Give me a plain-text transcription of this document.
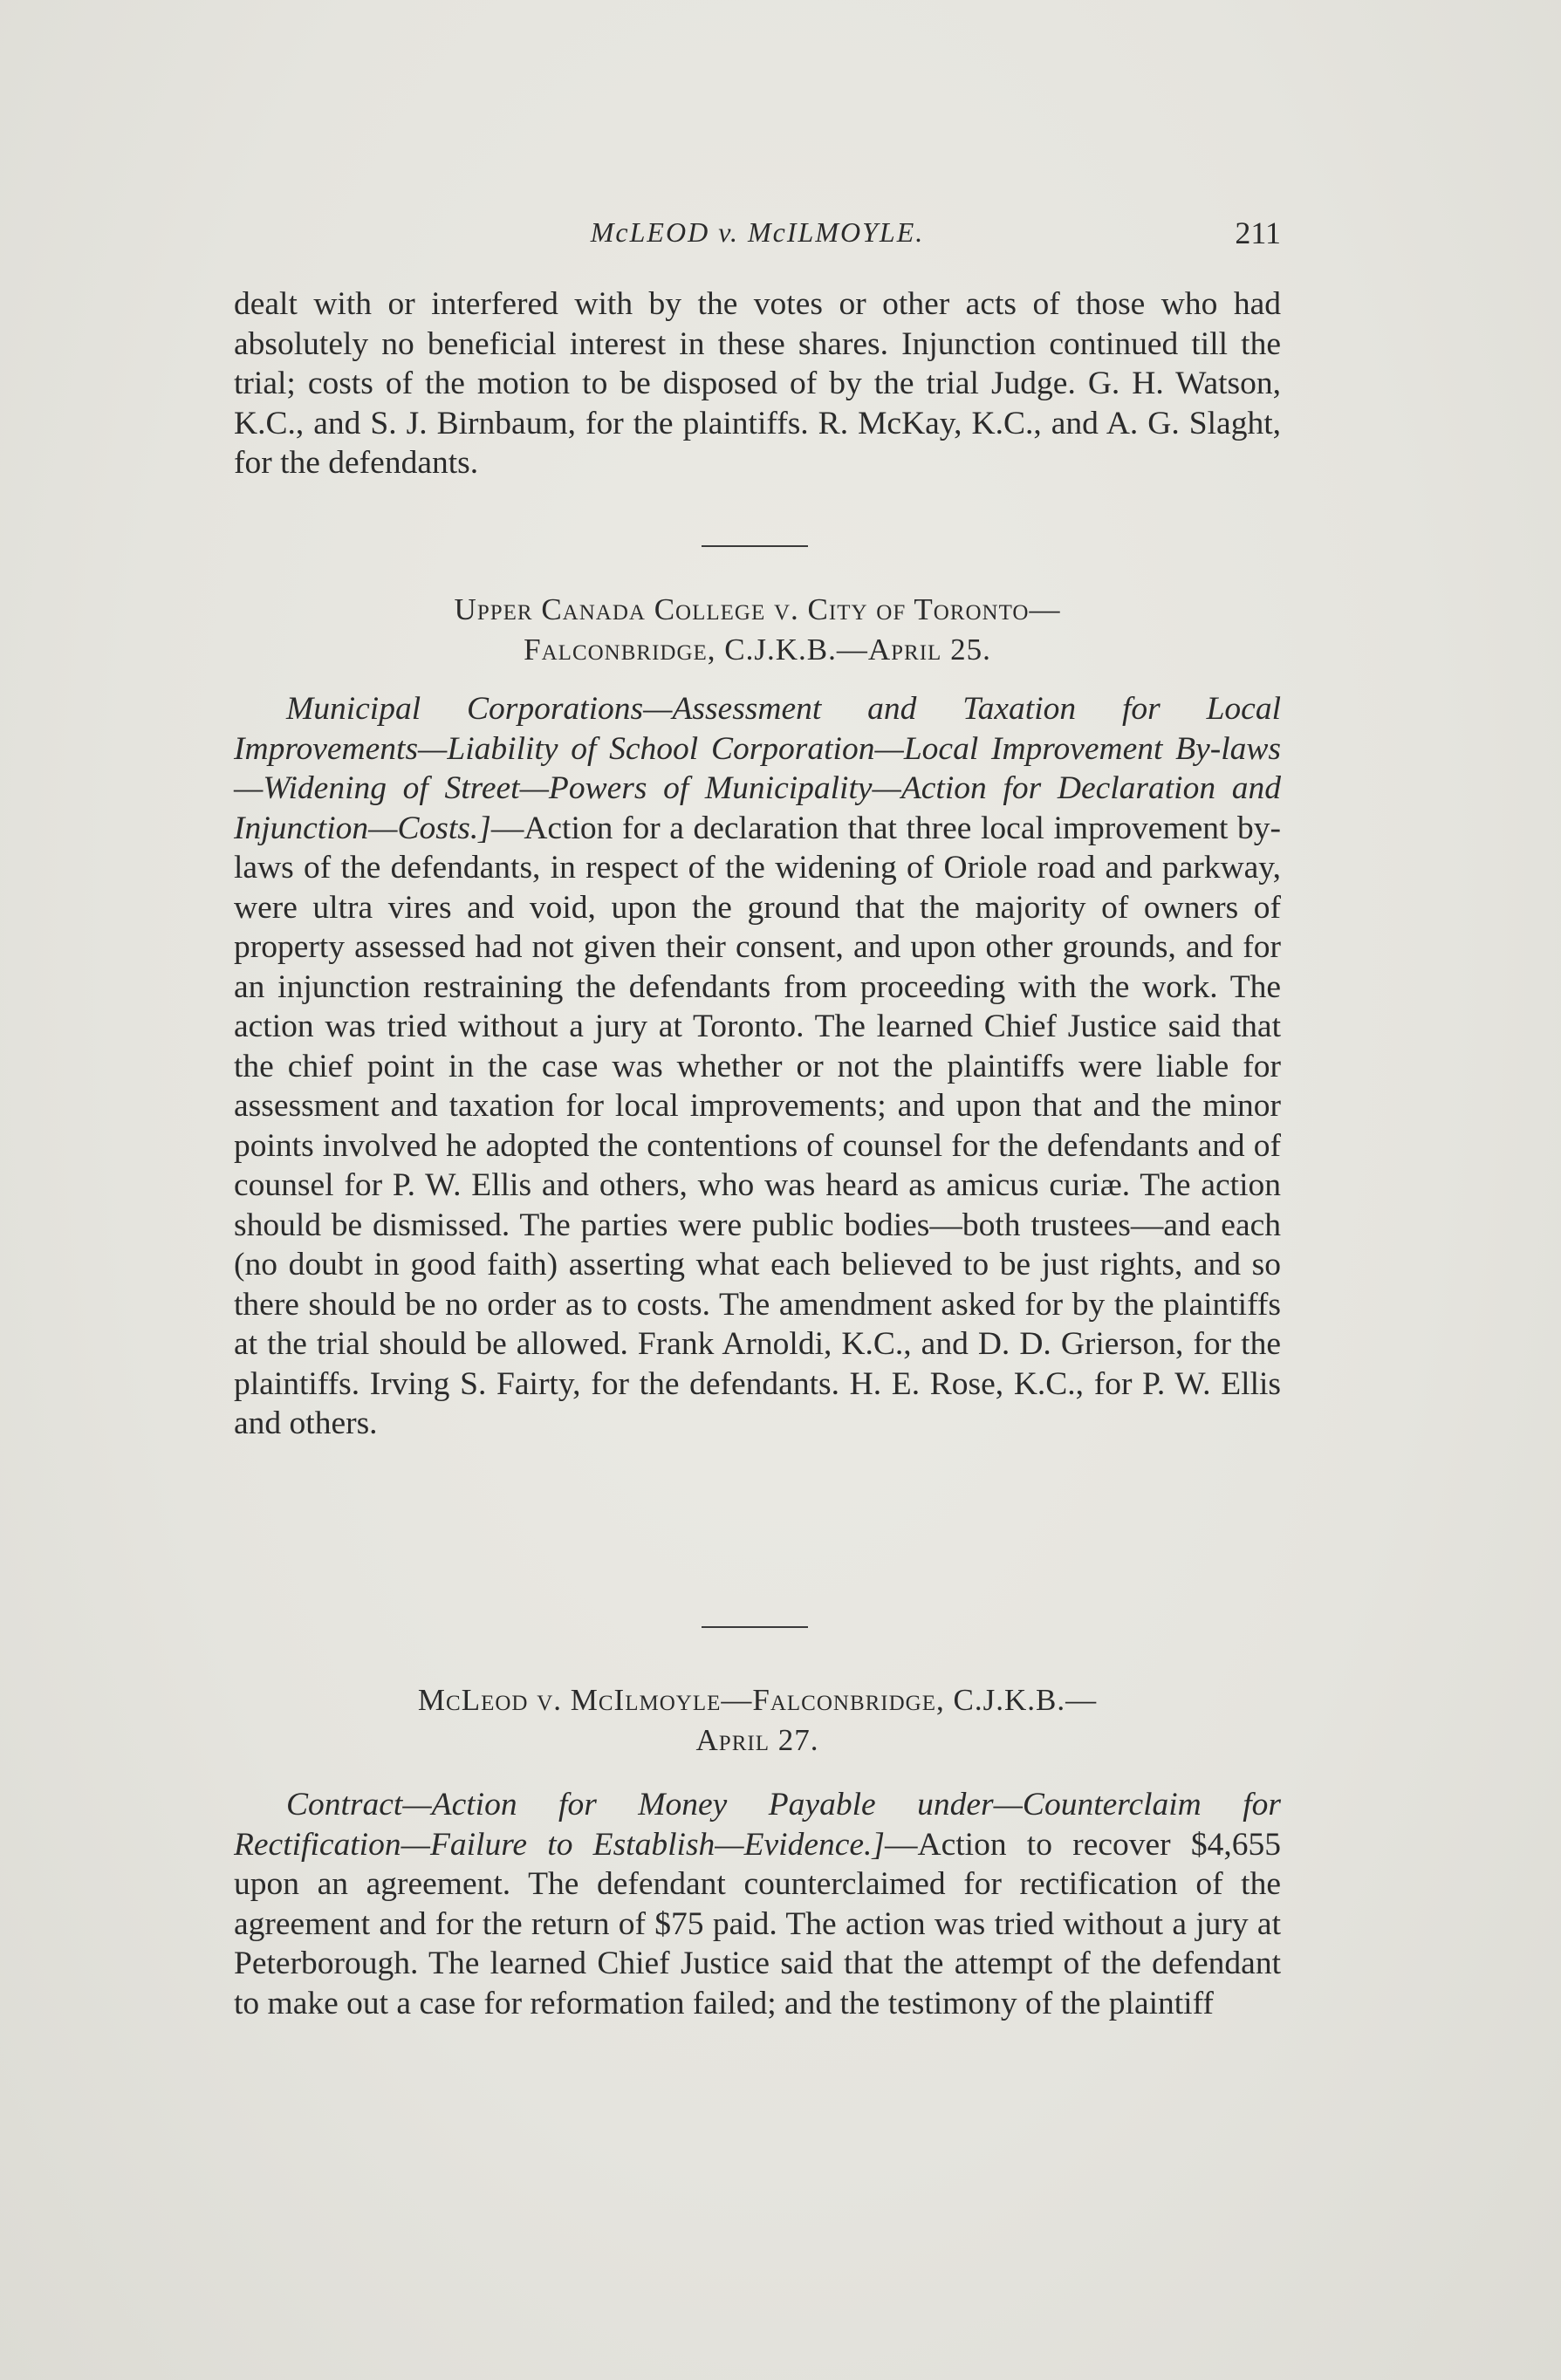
McLEOD v. McILMOYLE.	211
dealt with or interfered with by the votes or other acts of those who had absolutely no beneficial interest in these shares. Injunction continued till the trial; costs of the motion to be disposed of by the trial Judge. G. H. Watson, K.C., and S. J. Birnbaum, for the plaintiffs. R. McKay, K.C., and A. G. Slaght, for the defendants.
Upper Canada College v. City of Toronto—
Falconbridge, C.J.K.B.—April 25.
Municipal Corporations—Assessment and Taxation for Local Improvements—Liability of School Corporation—Local Improvement By-laws—Widening of Street—Powers of Municipality—Action for Declaration and Injunction—Costs.]—Action for a declaration that three local improvement by-laws of the defendants, in respect of the widening of Oriole road and parkway, were ultra vires and void, upon the ground that the majority of owners of property assessed had not given their consent, and upon other grounds, and for an injunction restraining the defendants from proceeding with the work. The action was tried without a jury at Toronto. The learned Chief Justice said that the chief point in the case was whether or not the plaintiffs were liable for assessment and taxation for local improvements; and upon that and the minor points involved he adopted the contentions of counsel for the defendants and of counsel for P. W. Ellis and others, who was heard as amicus curiæ. The action should be dismissed. The parties were public bodies—both trustees—and each (no doubt in good faith) asserting what each believed to be just rights, and so there should be no order as to costs. The amendment asked for by the plaintiffs at the trial should be allowed. Frank Arnoldi, K.C., and D. D. Grierson, for the plaintiffs. Irving S. Fairty, for the defendants. H. E. Rose, K.C., for P. W. Ellis and others.
McLeod v. McIlmoyle—Falconbridge, C.J.K.B.—
April 27.
Contract—Action for Money Payable under—Counterclaim for Rectification—Failure to Establish—Evidence.]—Action to recover $4,655 upon an agreement. The defendant counterclaimed for rectification of the agreement and for the return of $75 paid. The action was tried without a jury at Peterborough. The learned Chief Justice said that the attempt of the defendant to make out a case for reformation failed; and the testimony of the plaintiff
